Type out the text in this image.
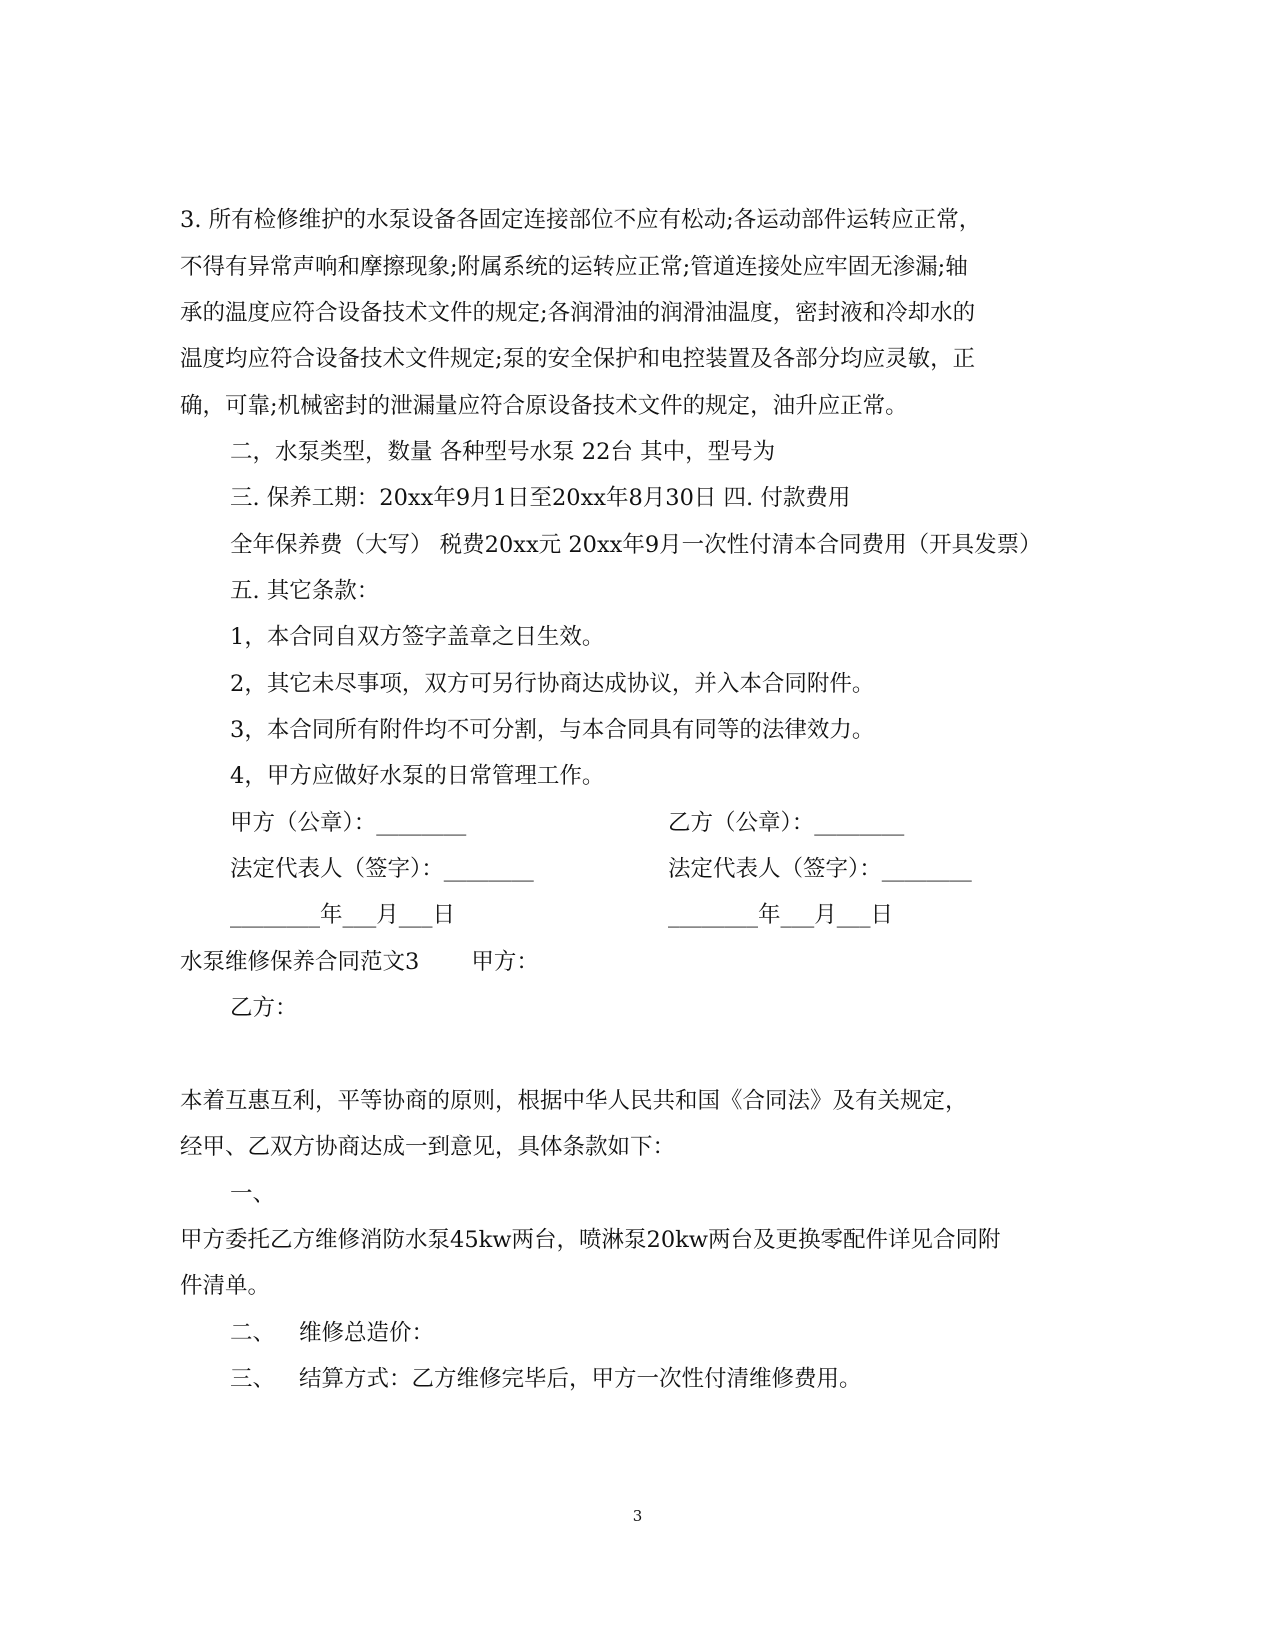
3. 所有检修维护的水泵设备各固定连接部位不应有松动;各运动部件运转应正常，
不得有异常声响和摩擦现象;附属系统的运转应正常;管道连接处应牢固无渗漏;轴
承的温度应符合设备技术文件的规定;各润滑油的润滑油温度，密封液和冷却水的
温度均应符合设备技术文件规定;泵的安全保护和电控装置及各部分均应灵敏，正
确，可靠;机械密封的泄漏量应符合原设备技术文件的规定，油升应正常。
二，水泵类型，数量 各种型号水泵 22台 其中，型号为
三. 保养工期：20xx年9月1日至20xx年8月30日 四. 付款费用
全年保养费（大写） 税费20xx元 20xx年9月一次性付清本合同费用（开具发票）
五. 其它条款：
1，本合同自双方签字盖章之日生效。
2，其它未尽事项，双方可另行协商达成协议，并入本合同附件。
3，本合同所有附件均不可分割，与本合同具有同等的法律效力。
4，甲方应做好水泵的日常管理工作。
甲方（公章）：________	乙方（公章）：________
法定代表人（签字）：________	法定代表人（签字）：________
________年___月___日	________年___月___日
水泵维修保养合同范文3 甲方：
乙方：
本着互惠互利，平等协商的原则，根据中华人民共和国《合同法》及有关规定，
经甲、乙双方协商达成一到意见，具体条款如下：
一、
甲方委托乙方维修消防水泵45kw两台，喷淋泵20kw两台及更换零配件详见合同附
件清单。
二、 维修总造价：
三、 结算方式：乙方维修完毕后，甲方一次性付清维修费用。
3
